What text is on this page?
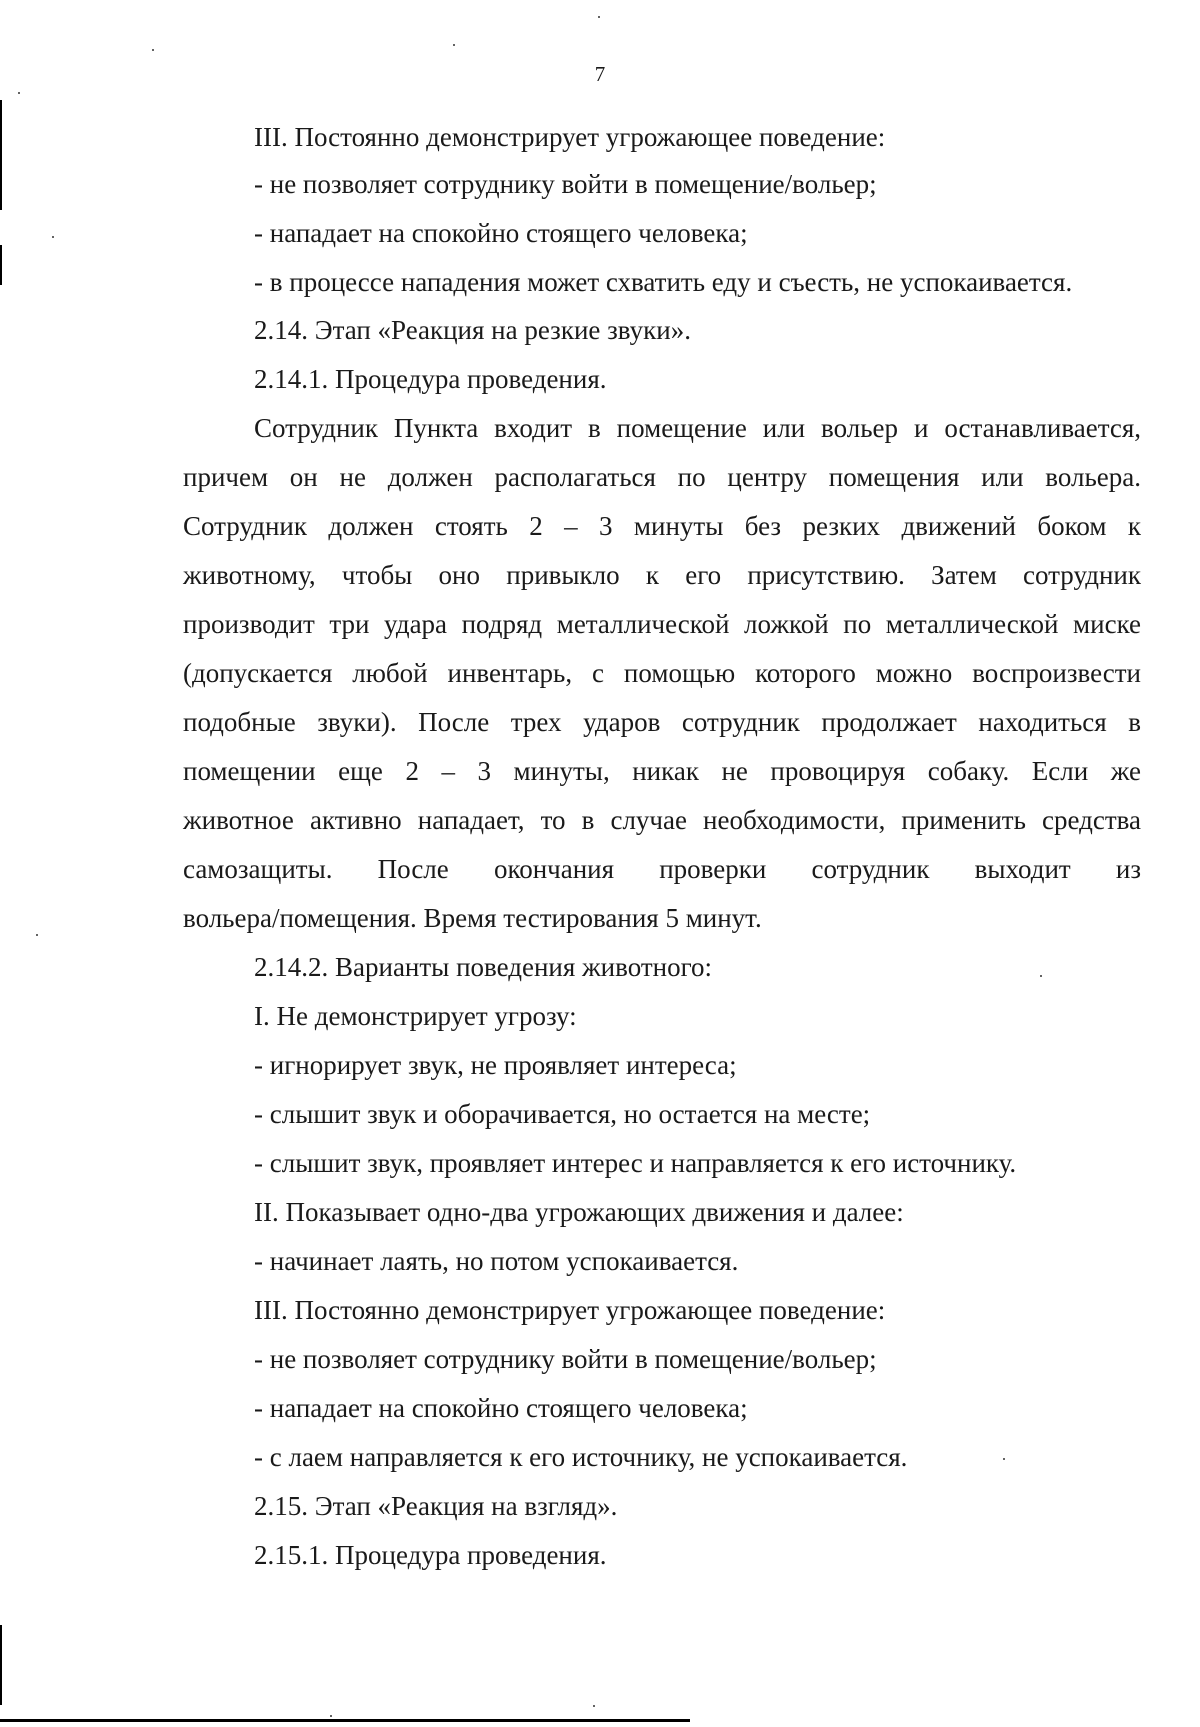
7
III. Постоянно демонстрирует угрожающее поведение:
- не позволяет сотруднику войти в помещение/вольер;
- нападает на спокойно стоящего человека;
- в процессе нападения может схватить еду и съесть, не успокаивается.
2.14. Этап «Реакция на резкие звуки».
2.14.1. Процедура проведения.
Сотрудник Пункта входит в помещение или вольер и останавливается,
причем он не должен располагаться по центру помещения или вольера.
Сотрудник должен стоять 2 – 3 минуты без резких движений боком к
животному, чтобы оно привыкло к его присутствию. Затем сотрудник
производит три удара подряд металлической ложкой по металлической миске
(допускается любой инвентарь, с помощью которого можно воспроизвести
подобные звуки). После трех ударов сотрудник продолжает находиться в
помещении еще 2 – 3 минуты, никак не провоцируя собаку. Если же
животное активно нападает, то в случае необходимости, применить средства
самозащиты. После окончания проверки сотрудник выходит из
вольера/помещения. Время тестирования 5 минут.
2.14.2. Варианты поведения животного:
I. Не демонстрирует угрозу:
- игнорирует звук, не проявляет интереса;
- слышит звук и оборачивается, но остается на месте;
- слышит звук, проявляет интерес и направляется к его источнику.
II. Показывает одно-два угрожающих движения и далее:
- начинает лаять, но потом успокаивается.
III. Постоянно демонстрирует угрожающее поведение:
- не позволяет сотруднику войти в помещение/вольер;
- нападает на спокойно стоящего человека;
- с лаем направляется к его источнику, не успокаивается.
2.15. Этап «Реакция на взгляд».
2.15.1. Процедура проведения.
